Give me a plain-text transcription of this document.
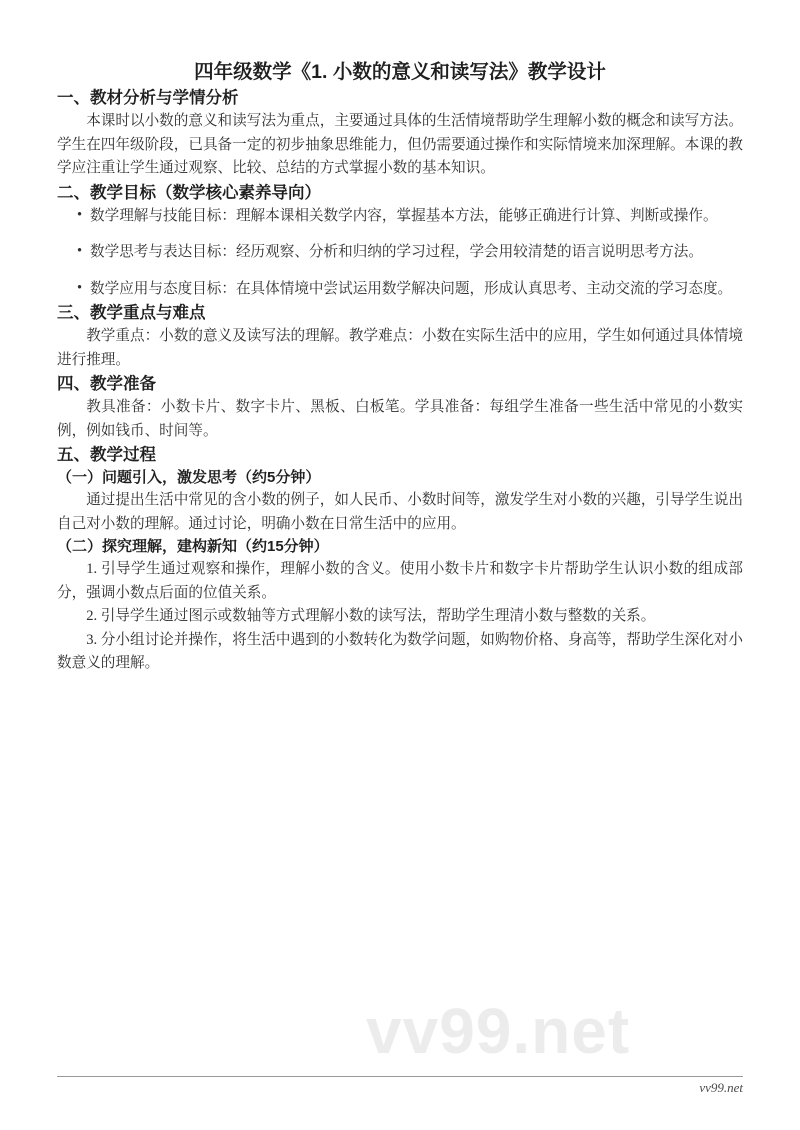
vv99.net
四年级数学《1. 小数的意义和读写法》教学设计
一、教材分析与学情分析

本课时以小数的意义和读写法为重点，主要通过具体的生活情境帮助学生理解小数的概念和读写方法。学生在四年级阶段，已具备一定的初步抽象思维能力，但仍需要通过操作和实际情境来加深理解。本课的教学应注重让学生通过观察、比较、总结的方式掌握小数的基本知识。

二、教学目标（数学核心素养导向）
• 数学理解与技能目标：理解本课相关数学内容，掌握基本方法，能够正确进行计算、判断或操作。
• 数学思考与表达目标：经历观察、分析和归纳的学习过程，学会用较清楚的语言说明思考方法。
• 数学应用与态度目标：在具体情境中尝试运用数学解决问题，形成认真思考、主动交流的学习态度。
三、教学重点与难点

教学重点：小数的意义及读写法的理解。教学难点：小数在实际生活中的应用，学生如何通过具体情境进行推理。

四、教学准备

教具准备：小数卡片、数字卡片、黑板、白板笔。学具准备：每组学生准备一些生活中常见的小数实例，例如钱币、时间等。

五、教学过程
（一）问题引入，激发思考（约5分钟）

通过提出生活中常见的含小数的例子，如人民币、小数时间等，激发学生对小数的兴趣，引导学生说出自己对小数的理解。通过讨论，明确小数在日常生活中的应用。

（二）探究理解，建构新知（约15分钟）

1. 引导学生通过观察和操作，理解小数的含义。使用小数卡片和数字卡片帮助学生认识小数的组成部分，强调小数点后面的位值关系。

2. 引导学生通过图示或数轴等方式理解小数的读写法，帮助学生理清小数与整数的关系。

3. 分小组讨论并操作，将生活中遇到的小数转化为数学问题，如购物价格、身高等，帮助学生深化对小数意义的理解。

vv99.net
